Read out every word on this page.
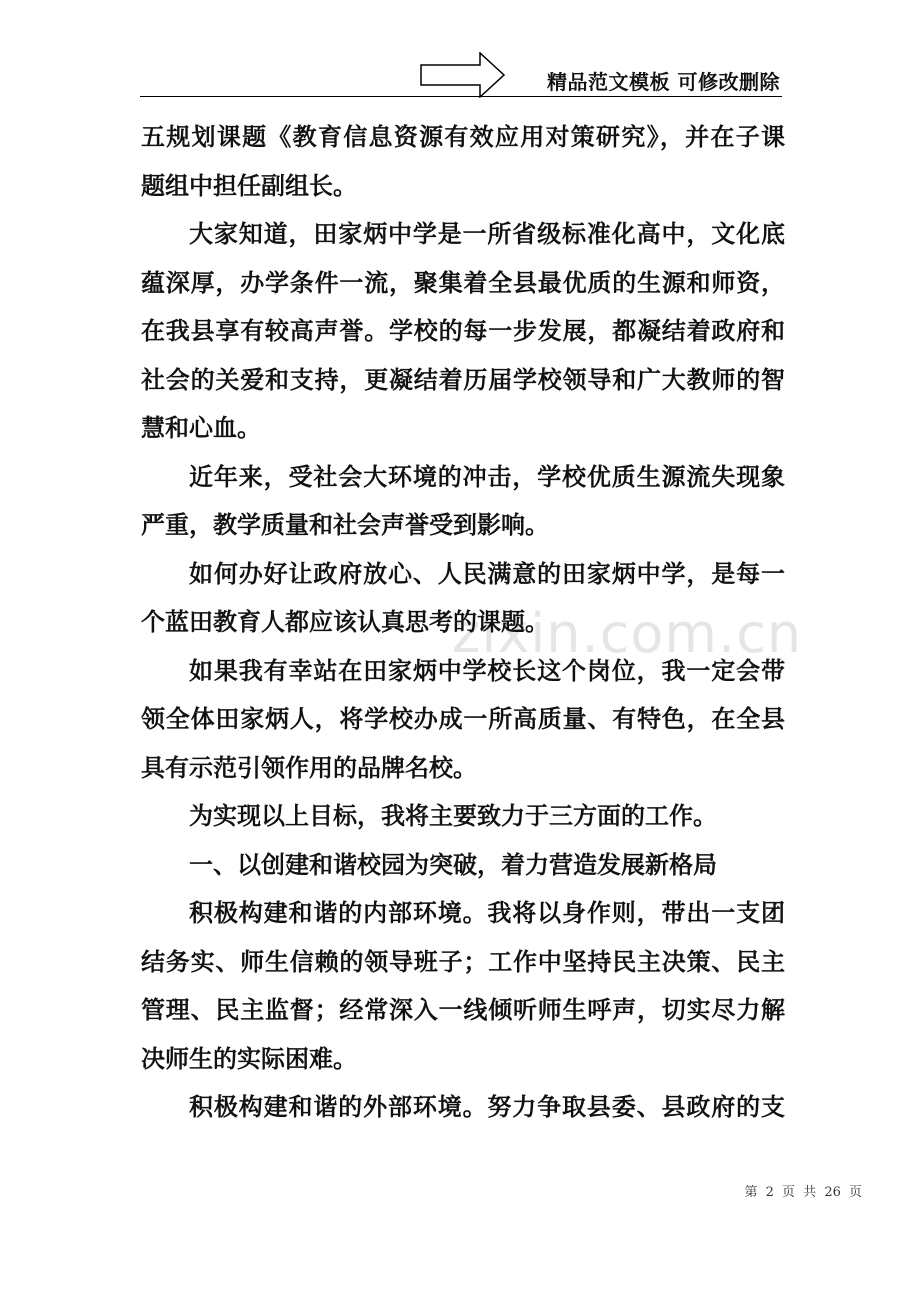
精品范文模板 可修改删除
五规划课题《教育信息资源有效应用对策研究》，并在子课
题组中担任副组长。
大家知道，田家炳中学是一所省级标准化高中，文化底
蕴深厚，办学条件一流，聚集着全县最优质的生源和师资，
在我县享有较高声誉。学校的每一步发展，都凝结着政府和
社会的关爱和支持，更凝结着历届学校领导和广大教师的智
慧和心血。
近年来，受社会大环境的冲击，学校优质生源流失现象
严重，教学质量和社会声誉受到影响。
如何办好让政府放心、人民满意的田家炳中学，是每一
个蓝田教育人都应该认真思考的课题。
如果我有幸站在田家炳中学校长这个岗位，我一定会带
领全体田家炳人，将学校办成一所高质量、有特色，在全县
具有示范引领作用的品牌名校。
为实现以上目标，我将主要致力于三方面的工作。
一、以创建和谐校园为突破，着力营造发展新格局
积极构建和谐的内部环境。我将以身作则，带出一支团
结务实、师生信赖的领导班子；工作中坚持民主决策、民主
管理、民主监督；经常深入一线倾听师生呼声，切实尽力解
决师生的实际困难。
积极构建和谐的外部环境。努力争取县委、县政府的支
zixin.com.cn
第 2 页 共 26 页
